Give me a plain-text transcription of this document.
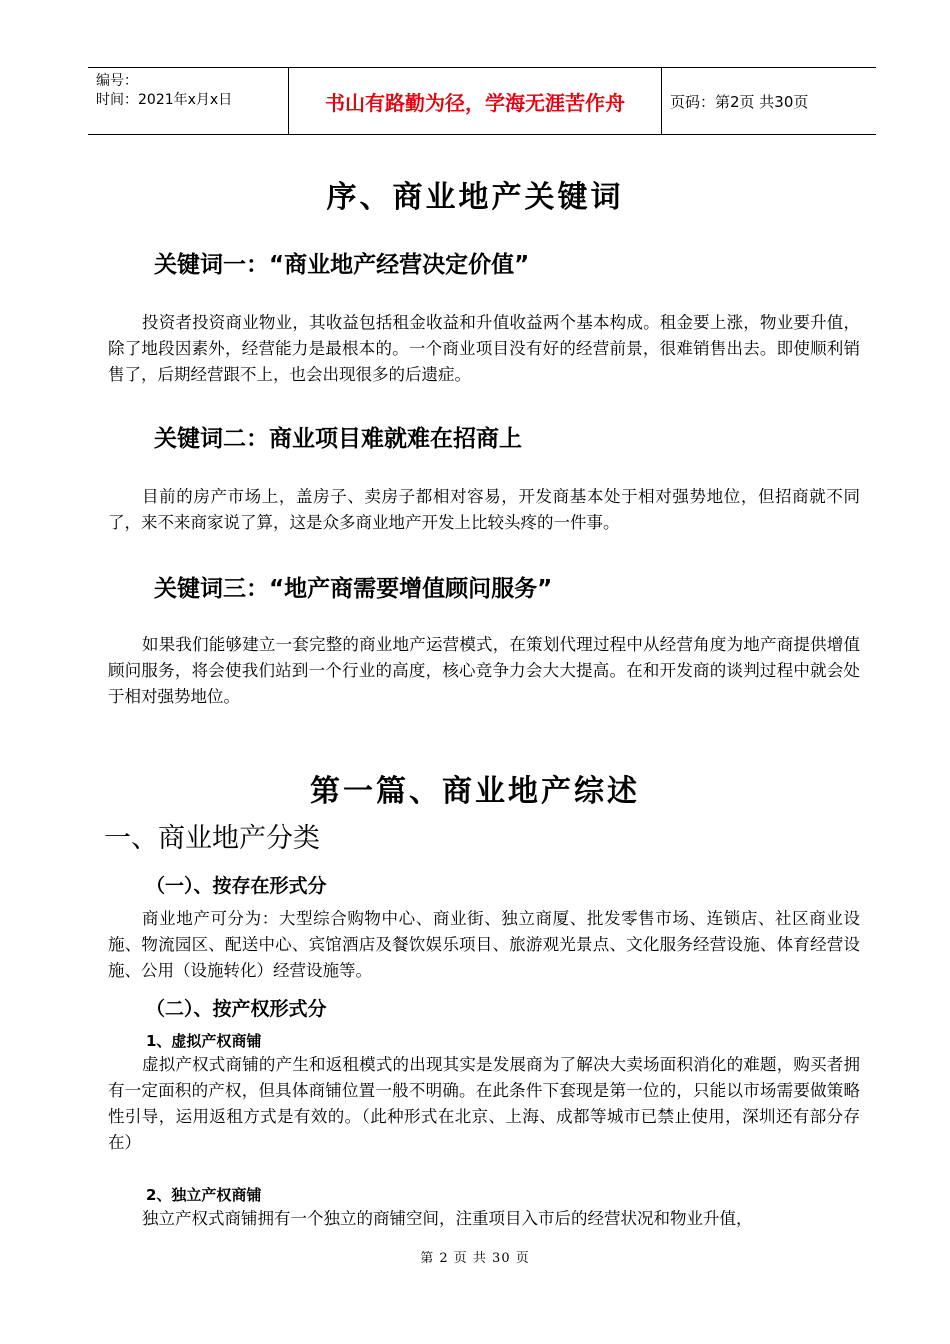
编号：
时间：2021年x月x日	书山有路勤为径，学海无涯苦作舟	页码：第2页 共30页
序、商业地产关键词
关键词一：“商业地产经营决定价值”
投资者投资商业物业，其收益包括租金收益和升值收益两个基本构成。租金要上涨，物业要升值，除了地段因素外，经营能力是最根本的。一个商业项目没有好的经营前景，很难销售出去。即使顺利销售了，后期经营跟不上，也会出现很多的后遗症。
关键词二：商业项目难就难在招商上
目前的房产市场上，盖房子、卖房子都相对容易，开发商基本处于相对强势地位，但招商就不同了，来不来商家说了算，这是众多商业地产开发上比较头疼的一件事。
关键词三：“地产商需要增值顾问服务”
如果我们能够建立一套完整的商业地产运营模式，在策划代理过程中从经营角度为地产商提供增值顾问服务，将会使我们站到一个行业的高度，核心竞争力会大大提高。在和开发商的谈判过程中就会处于相对强势地位。
第一篇、商业地产综述
一、商业地产分类
（一）、按存在形式分
商业地产可分为：大型综合购物中心、商业街、独立商厦、批发零售市场、连锁店、社区商业设施、物流园区、配送中心、宾馆酒店及餐饮娱乐项目、旅游观光景点、文化服务经营设施、体育经营设施、公用（设施转化）经营设施等。
（二）、按产权形式分
1、虚拟产权商铺
虚拟产权式商铺的产生和返租模式的出现其实是发展商为了解决大卖场面积消化的难题，购买者拥有一定面积的产权，但具体商铺位置一般不明确。在此条件下套现是第一位的，只能以市场需要做策略性引导，运用返租方式是有效的。（此种形式在北京、上海、成都等城市已禁止使用，深圳还有部分存在）
2、独立产权商铺
独立产权式商铺拥有一个独立的商铺空间，注重项目入市后的经营状况和物业升值，
第 2 页 共 30 页
